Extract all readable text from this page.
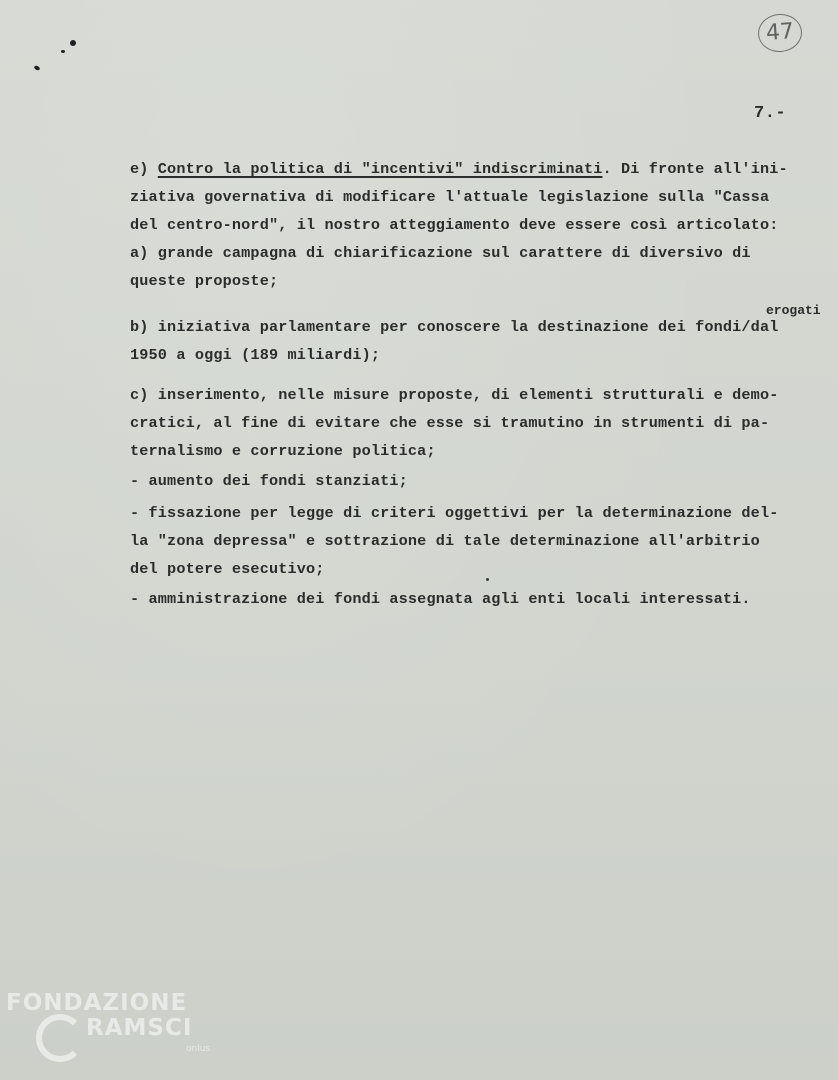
47
7.-
e) Contro la politica di "incentivi" indiscriminati. Di fronte all'ini-
ziativa governativa di modificare l'attuale legislazione sulla "Cassa
del centro-nord", il nostro atteggiamento deve essere così articolato:
a) grande campagna di chiarificazione sul carattere di diversivo di
queste proposte;
erogati
b) iniziativa parlamentare per conoscere la destinazione dei fondi/dal
1950 a oggi (189 miliardi);
c) inserimento, nelle misure proposte, di elementi strutturali e demo-
cratici, al fine di evitare che esse si tramutino in strumenti di pa-
ternalismo e corruzione politica;
- aumento dei fondi stanziati;
- fissazione per legge di criteri oggettivi per la determinazione del-
la "zona depressa" e sottrazione di tale determinazione all'arbitrio
del potere esecutivo;
- amministrazione dei fondi assegnata agli enti locali interessati.
FONDAZIONE
RAMSCI
onlus
